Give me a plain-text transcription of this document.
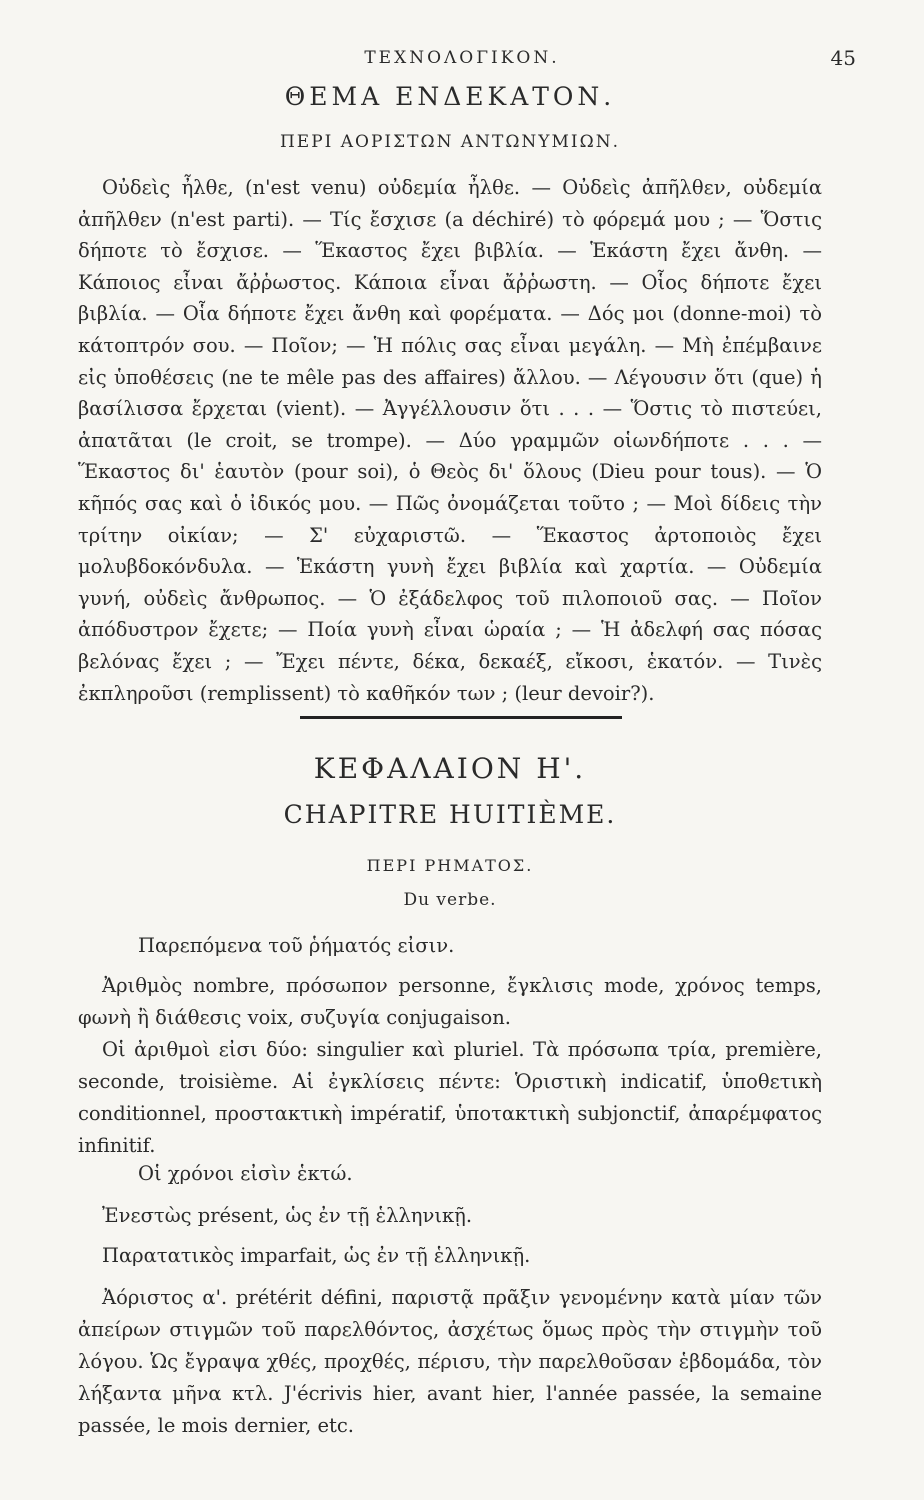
ΤΕΧΝΟΛΟΓΙΚΟΝ.	45
ΘΕΜΑ ΕΝΔΕΚΑΤΟΝ.
ΠΕΡΙ ΑΟΡΙΣΤΩΝ ΑΝΤΩΝΥΜΙΩΝ.
Οὐδεὶς ἦλθε, (n'est venu) οὐδεμία ἦλθε. — Οὐδεὶς ἀπῆλθεν, οὐδεμία ἀπῆλθεν (n'est parti). — Τίς ἔσχισε (a déchiré) τὸ φόρεμά μου ; — Ὅστις δήποτε τὸ ἔσχισε. — Ἕκαστος ἔχει βιβλία. — Ἑκάστη ἔχει ἄνθη. — Κάποιος εἶναι ἄῤῥωστος. Κάποια εἶναι ἄῤῥωστη. — Οἷος δήποτε ἔχει βιβλία. — Οἷα δήποτε ἔχει ἄνθη καὶ φορέματα. — Δός μοι (donne-moi) τὸ κάτοπτρόν σου. — Ποῖον; — Ἡ πόλις σας εἶναι μεγάλη. — Μὴ ἐπέμβαινε εἰς ὑποθέσεις (ne te mêle pas des affaires) ἄλλου. — Λέγουσιν ὅτι (que) ἡ βασίλισσα ἔρχεται (vient). — Ἀγγέλλουσιν ὅτι . . . — Ὅστις τὸ πιστεύει, ἀπατᾶται (le croit, se trompe). — Δύο γραμμῶν οἱωνδήποτε . . . — Ἕκαστος δι' ἑαυτὸν (pour soi), ὁ Θεὸς δι' ὅλους (Dieu pour tous). — Ὁ κῆπός σας καὶ ὁ ἰδικός μου. — Πῶς ὀνομάζεται τοῦτο ; — Μοὶ δίδεις τὴν τρίτην οἰκίαν; — Σ' εὐχαριστῶ. — Ἕκαστος ἀρτοποιὸς ἔχει μολυβδοκόνδυλα. — Ἑκάστη γυνὴ ἔχει βιβλία καὶ χαρτία. — Οὐδεμία γυνή, οὐδεὶς ἄνθρωπος. — Ὁ ἐξάδελφος τοῦ πιλοποιοῦ σας. — Ποῖον ἀπόδυστρον ἔχετε; — Ποία γυνὴ εἶναι ὡραία ; — Ἡ ἀδελφή σας πόσας βελόνας ἔχει ; — Ἔχει πέντε, δέκα, δεκαέξ, εἴκοσι, ἑκατόν. — Τινὲς ἐκπληροῦσι (remplissent) τὸ καθῆκόν των ; (leur devoir?).
ΚΕΦΑΛΑΙΟΝ Η'.
CHAPITRE HUITIÈME.
ΠΕΡΙ ΡΗΜΑΤΟΣ.
Du verbe.
Παρεπόμενα τοῦ ῥήματός εἰσιν.
Ἀριθμὸς nombre, πρόσωπον personne, ἔγκλισις mode, χρόνος temps, φωνὴ ἢ διάθεσις voix, συζυγία conjugaison.
Οἱ ἀριθμοὶ εἰσι δύο: singulier καὶ pluriel. Τὰ πρόσωπα τρία, première, seconde, troisième. Αἱ ἐγκλίσεις πέντε: Ὁριστικὴ indicatif, ὑποθετικὴ conditionnel, προστακτικὴ impératif, ὑποτακτικὴ subjonctif, ἀπαρέμφατος infinitif.
Οἱ χρόνοι εἰσὶν ἑκτώ.
Ἐνεστὼς présent, ὡς ἐν τῇ ἑλληνικῇ.
Παρατατικὸς imparfait, ὡς ἐν τῇ ἑλληνικῇ.
Ἀόριστος α'. prétérit défini, παριστᾷ πρᾶξιν γενομένην κατὰ μίαν τῶν ἀπείρων στιγμῶν τοῦ παρελθόντος, ἀσχέτως ὅμως πρὸς τὴν στιγμὴν τοῦ λόγου. Ὡς ἔγραψα χθές, προχθές, πέρισυ, τὴν παρελθοῦσαν ἑβδομάδα, τὸν λήξαντα μῆνα κτλ. J'écrivis hier, avant hier, l'année passée, la semaine passée, le mois dernier, etc.
